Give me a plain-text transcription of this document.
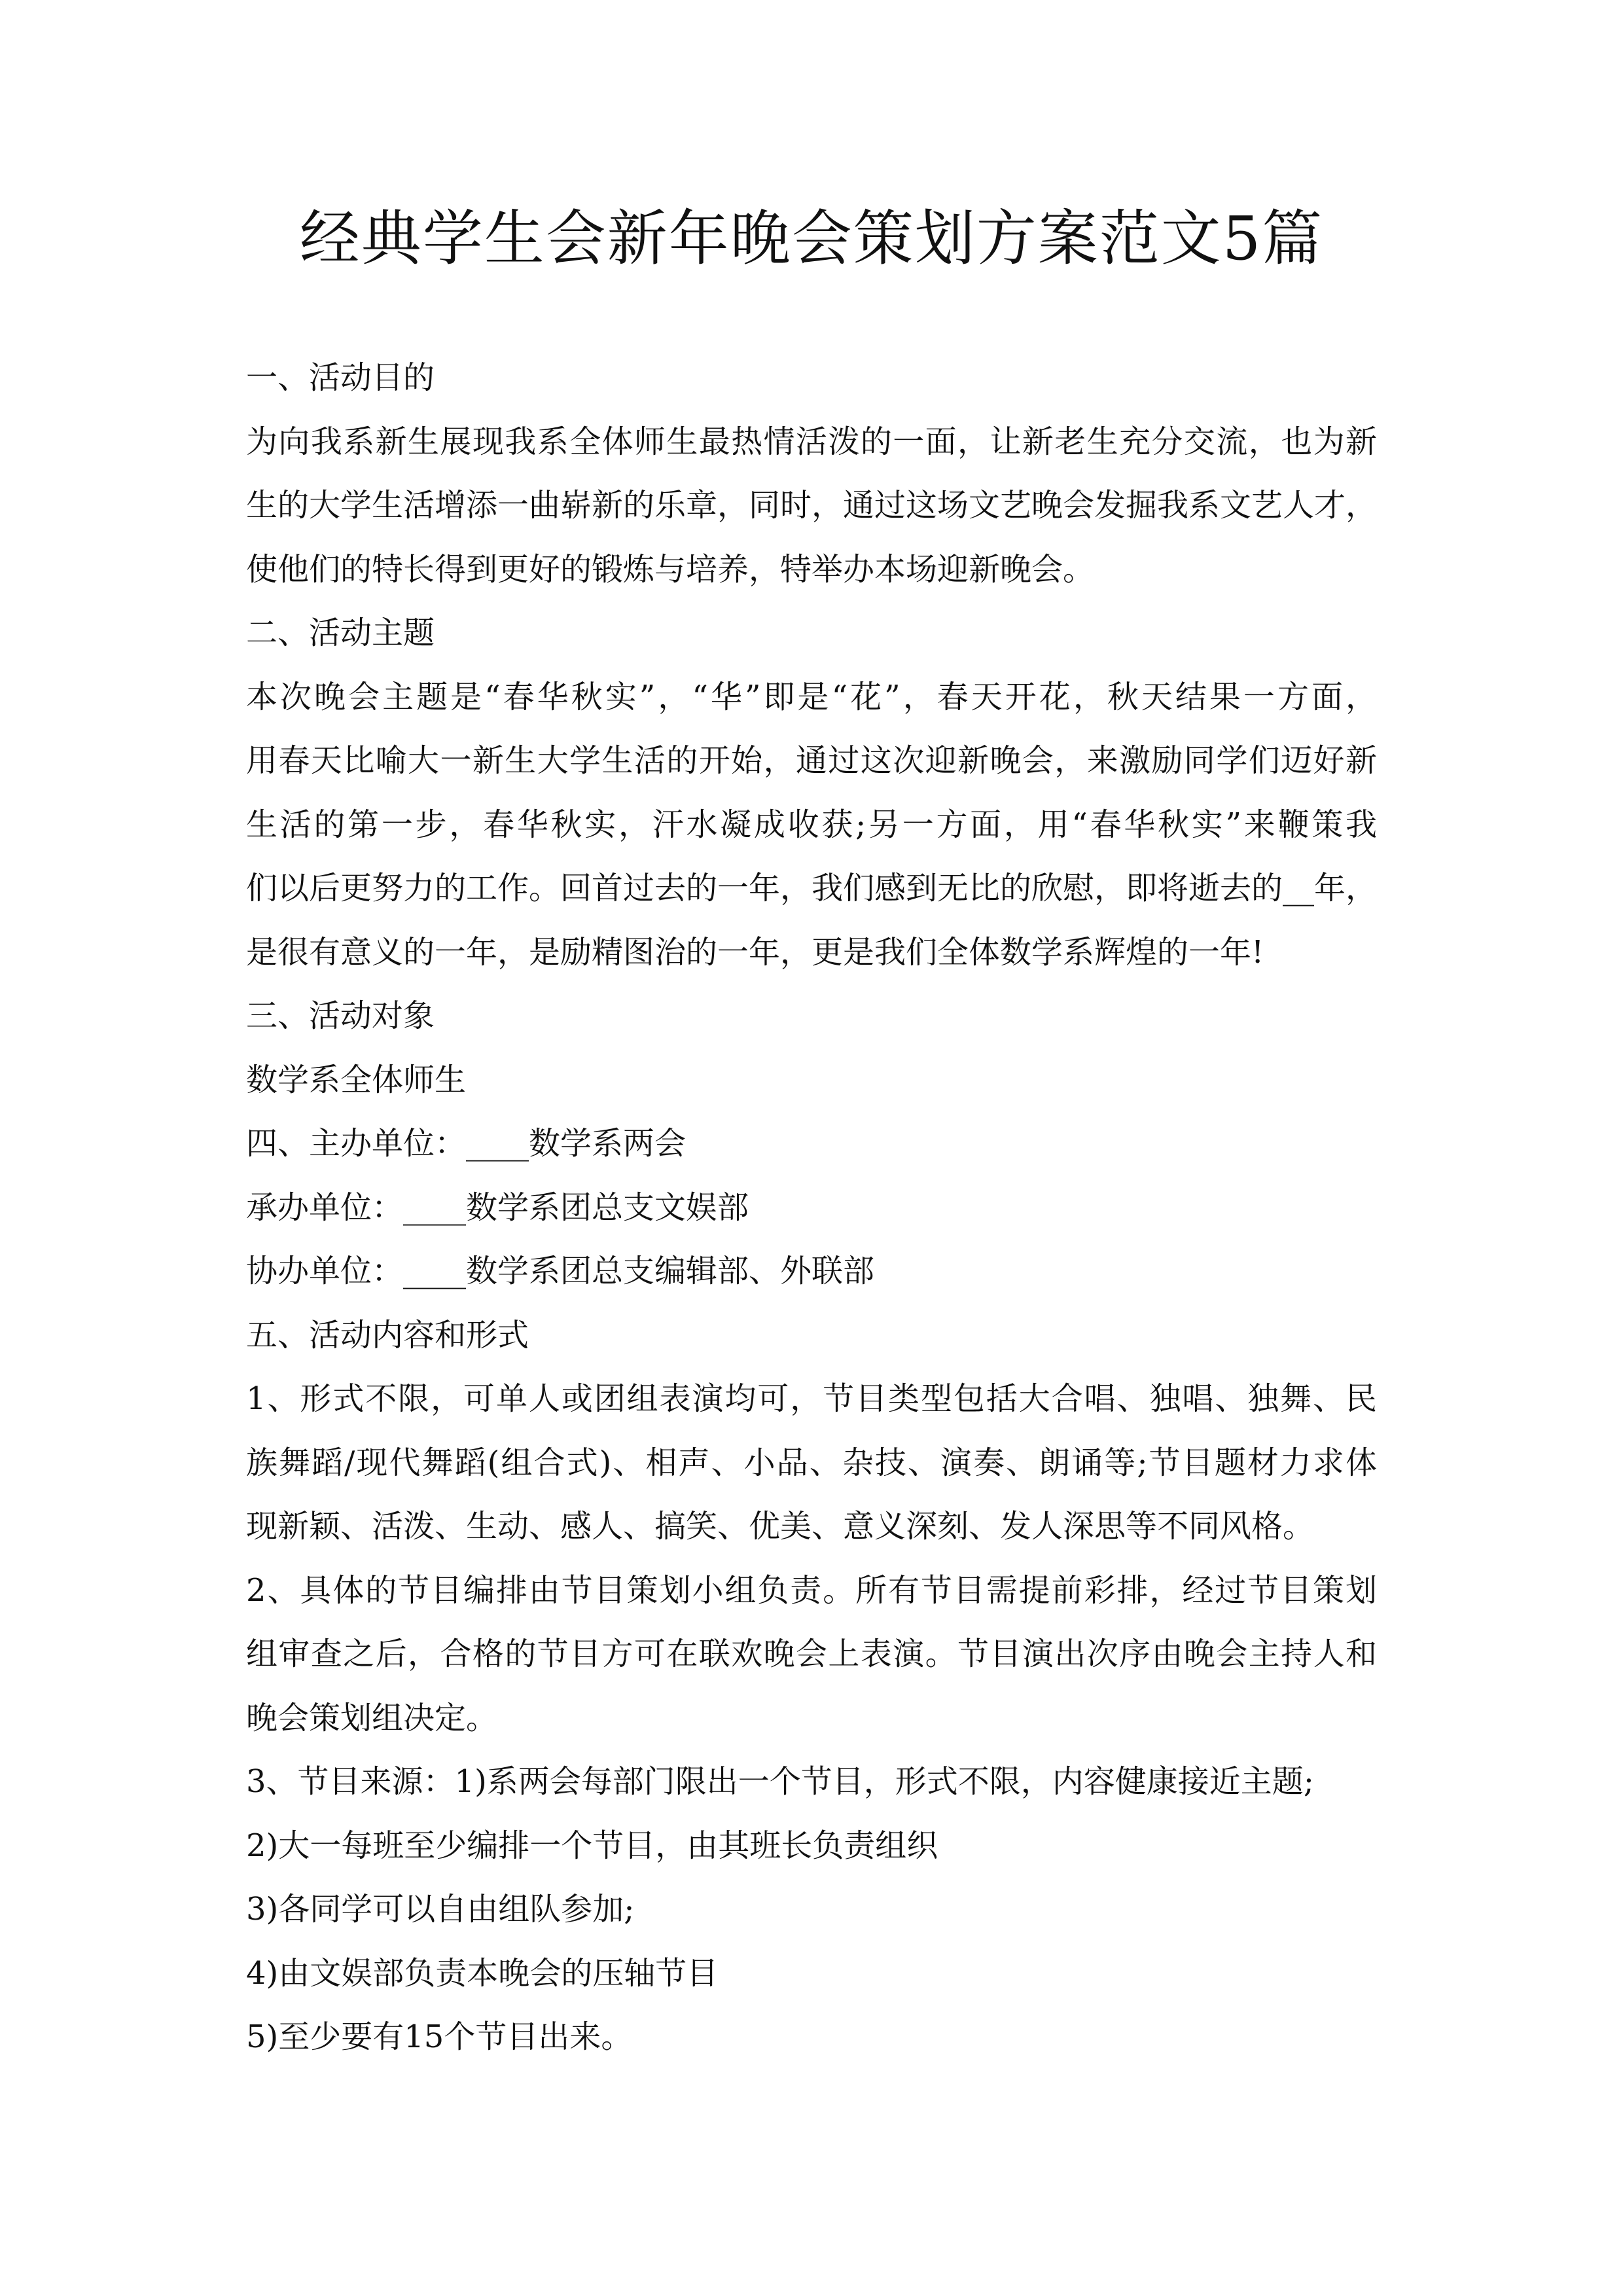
经典学生会新年晚会策划方案范文5篇
一、活动目的
为向我系新生展现我系全体师生最热情活泼的一面，让新老生充分交流，也为新
生的大学生活增添一曲崭新的乐章，同时，通过这场文艺晚会发掘我系文艺人才，
使他们的特长得到更好的锻炼与培养，特举办本场迎新晚会。
二、活动主题
本次晚会主题是“春华秋实”，“华”即是“花”，春天开花，秋天结果一方面，
用春天比喻大一新生大学生活的开始，通过这次迎新晚会，来激励同学们迈好新
生活的第一步，春华秋实，汗水凝成收获;另一方面，用“春华秋实”来鞭策我
们以后更努力的工作。回首过去的一年，我们感到无比的欣慰，即将逝去的__年，
是很有意义的一年，是励精图治的一年，更是我们全体数学系辉煌的一年!
三、活动对象
数学系全体师生
四、主办单位：____数学系两会
承办单位：____数学系团总支文娱部
协办单位：____数学系团总支编辑部、外联部
五、活动内容和形式
1、形式不限，可单人或团组表演均可，节目类型包括大合唱、独唱、独舞、民
族舞蹈/现代舞蹈(组合式)、相声、小品、杂技、演奏、朗诵等;节目题材力求体
现新颖、活泼、生动、感人、搞笑、优美、意义深刻、发人深思等不同风格。
2、具体的节目编排由节目策划小组负责。所有节目需提前彩排，经过节目策划
组审查之后，合格的节目方可在联欢晚会上表演。节目演出次序由晚会主持人和
晚会策划组决定。
3、节目来源：1)系两会每部门限出一个节目，形式不限，内容健康接近主题;
2)大一每班至少编排一个节目，由其班长负责组织
3)各同学可以自由组队参加;
4)由文娱部负责本晚会的压轴节目
5)至少要有15个节目出来。
